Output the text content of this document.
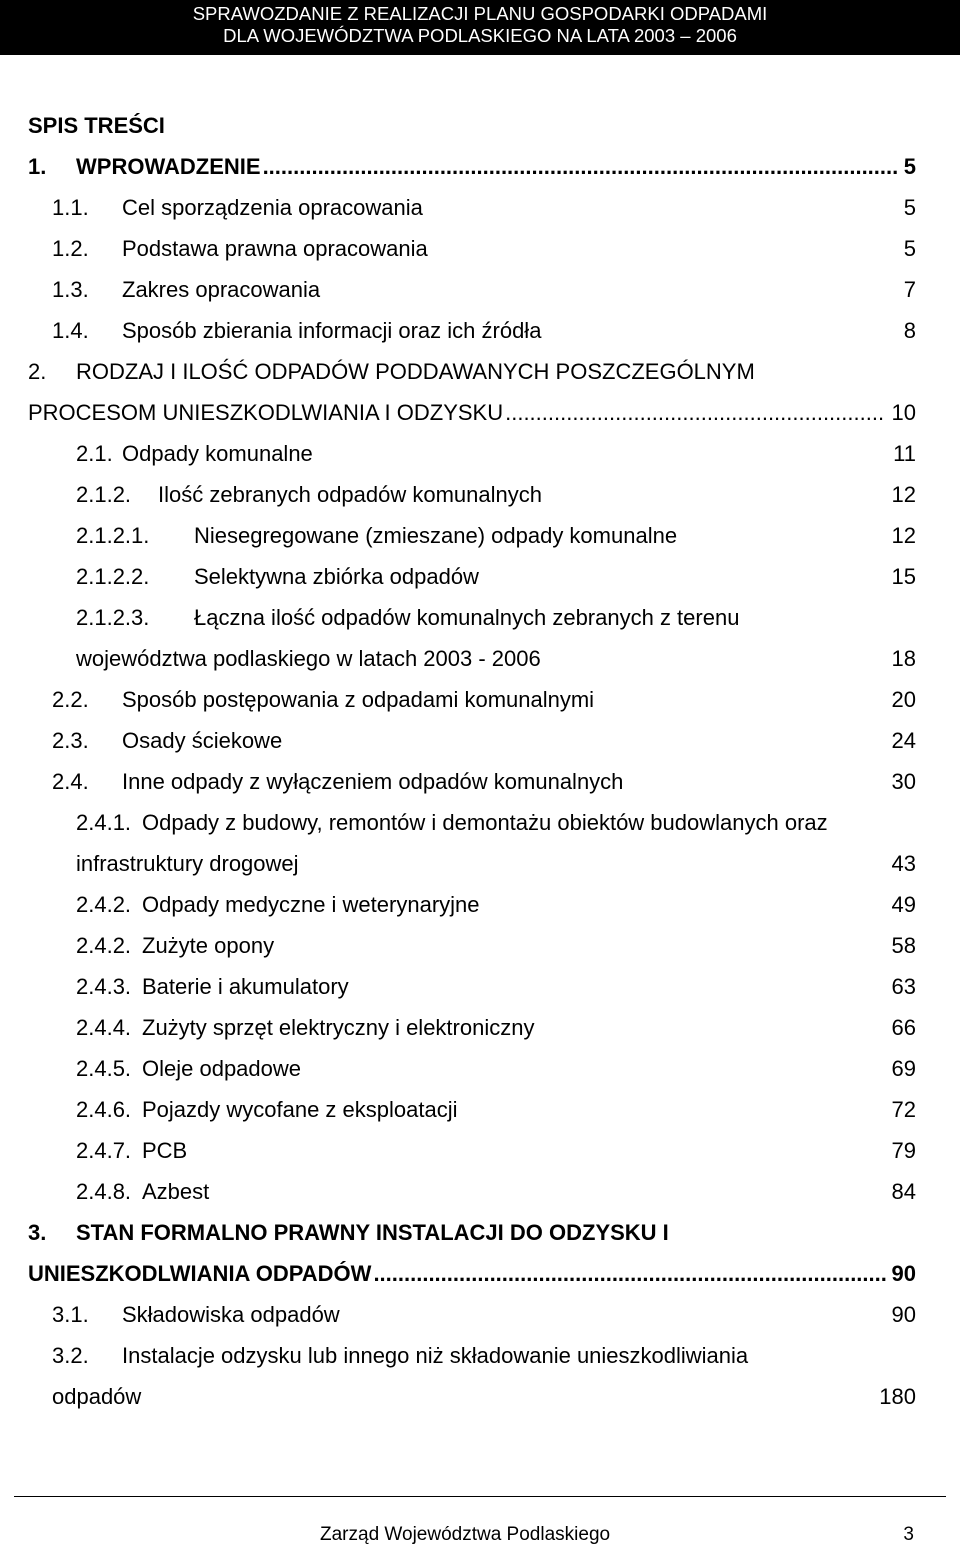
SPRAWOZDANIE Z REALIZACJI PLANU GOSPODARKI ODPADAMI
DLA WOJEWÓDZTWA PODLASKIEGO NA LATA 2003 – 2006
SPIS TREŚCI
1.	WPROWADZENIE .....	5
1.1. Cel sporządzenia opracowania	5
1.2. Podstawa prawna opracowania	5
1.3. Zakres opracowania	7
1.4. Sposób zbierania informacji oraz ich źródła	8
2. RODZAJ I ILOŚĆ ODPADÓW PODDAWANYCH POSZCZEGÓLNYM
PROCESOM UNIESZKODLWIANIA I ODZYSKU .....	10
2.1. Odpady komunalne	11
2.1.2. Ilość zebranych odpadów komunalnych	12
2.1.2.1. Niesegregowane (zmieszane) odpady komunalne	12
2.1.2.2. Selektywna zbiórka odpadów	15
2.1.2.3. Łączna ilość odpadów komunalnych zebranych z terenu
województwa podlaskiego w latach 2003 - 2006	18
2.2. Sposób postępowania z odpadami komunalnymi	20
2.3. Osady ściekowe	24
2.4. Inne odpady z wyłączeniem odpadów komunalnych	30
2.4.1. Odpady z budowy, remontów i demontażu obiektów budowlanych oraz
infrastruktury drogowej	43
2.4.2. Odpady medyczne i weterynaryjne	49
2.4.2. Zużyte opony	58
2.4.3. Baterie i akumulatory	63
2.4.4. Zużyty sprzęt elektryczny i elektroniczny	66
2.4.5. Oleje odpadowe	69
2.4.6. Pojazdy wycofane z eksploatacji	72
2.4.7. PCB	79
2.4.8. Azbest	84
3. STAN FORMALNO PRAWNY INSTALACJI DO ODZYSKU I
UNIESZKODLWIANIA ODPADÓW .....	90
3.1. Składowiska odpadów	90
3.2. Instalacje odzysku lub innego niż składowanie unieszkodliwiania
odpadów	180
Zarząd Województwa Podlaskiego	3
